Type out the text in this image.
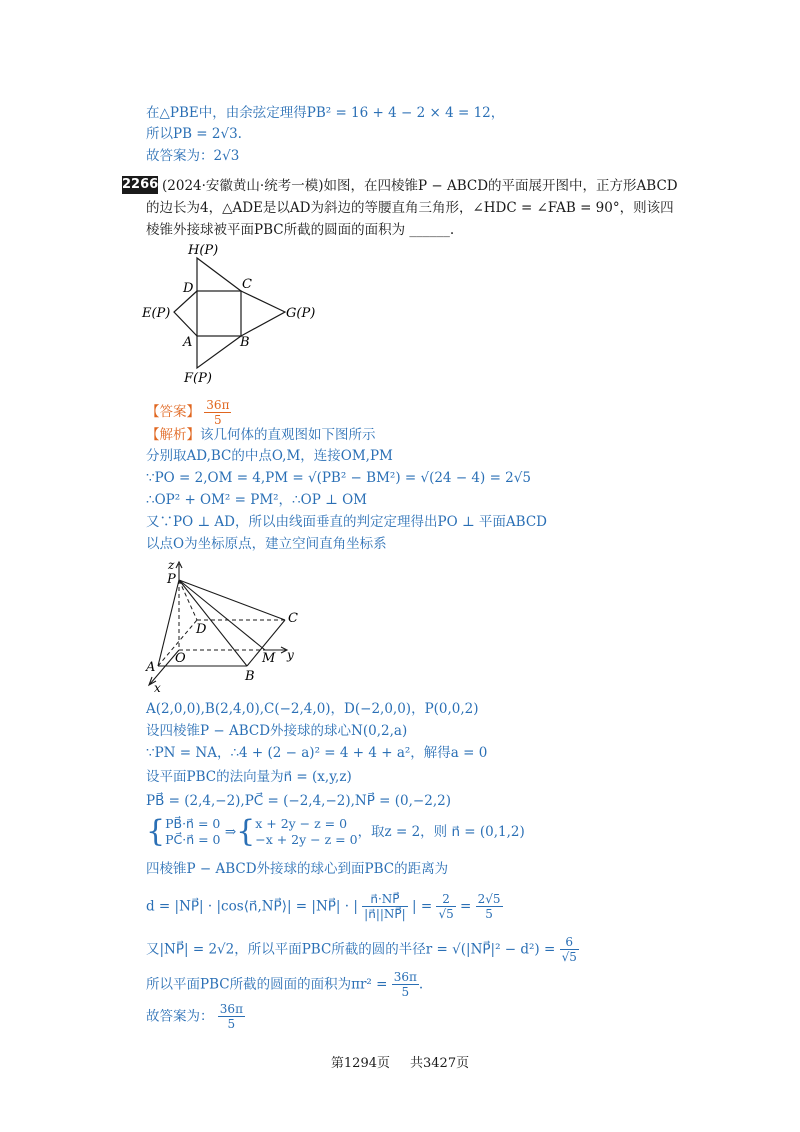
在△PBE中，由余弦定理得PB² = 16 + 4 − 2 × 4 = 12，
所以PB = 2√3.
故答案为：2√3
2266 (2024·安徽黄山·统考一模)如图，在四棱锥P − ABCD的平面展开图中，正方形ABCD
的边长为4，△ADE是以AD为斜边的等腰直角三角形，∠HDC = ∠FAB = 90°，则该四
棱锥外接球被平面PBC所截的圆面的面积为 ______.
H(P)
D	C
E(P)	G(P)
A	B
F(P)
【答案】 $\frac{36\pi}{5}$
【解析】该几何体的直观图如下图所示
分别取AD,BC的中点O,M，连接OM,PM
∵PO = 2,OM = 4,PM = √(PB² − BM²) = √(24 − 4) = 2√5
∴OP² + OM² = PM²，∴OP ⊥ OM
又∵PO ⊥ AD，所以由线面垂直的判定定理得出PO ⊥ 平面ABCD
以点O为坐标原点，建立空间直角坐标系
z
P
C
D
O	M y
A
B
x
A(2,0,0),B(2,4,0),C(−2,4,0)，D(−2,0,0)，P(0,0,2)
设四棱锥P − ABCD外接球的球心N(0,2,a)
∵PN = NA，∴4 + (2 − a)² = 4 + 4 + a²，解得a = 0
设平面PBC的法向量为n⃗ = (x,y,z)
PB⃗ = (2,4,−2),PC⃗ = (−2,4,−2),NP⃗ = (0,−2,2)
{ PB⃗·n⃗ = 0
PC⃗·n⃗ = 0 ⇒{ x + 2y − z = 0
−x + 2y − z = 0 ，取z = 2，则 n⃗ = (0,1,2)
四棱锥P − ABCD外接球的球心到面PBC的距离为
d = |NP⃗| · |cos⟨n⃗,NP⃗⟩| = |NP⃗| · | $\frac{n⃗\cdot NP⃗}{|n⃗||NP⃗|}$ | = $\frac{2}{√5} = \frac{2√5}{5}$
又|NP⃗| = 2√2，所以平面PBC所截的圆的半径r = √(|NP⃗|² − $d^2) = \frac{6}{√5}$
所以平面PBC所截的圆面的面积为$\pi r^2 = \frac{36\pi}{5}$ .
故答案为： $\frac{36\pi}{5}$
第1294页 共3427页
